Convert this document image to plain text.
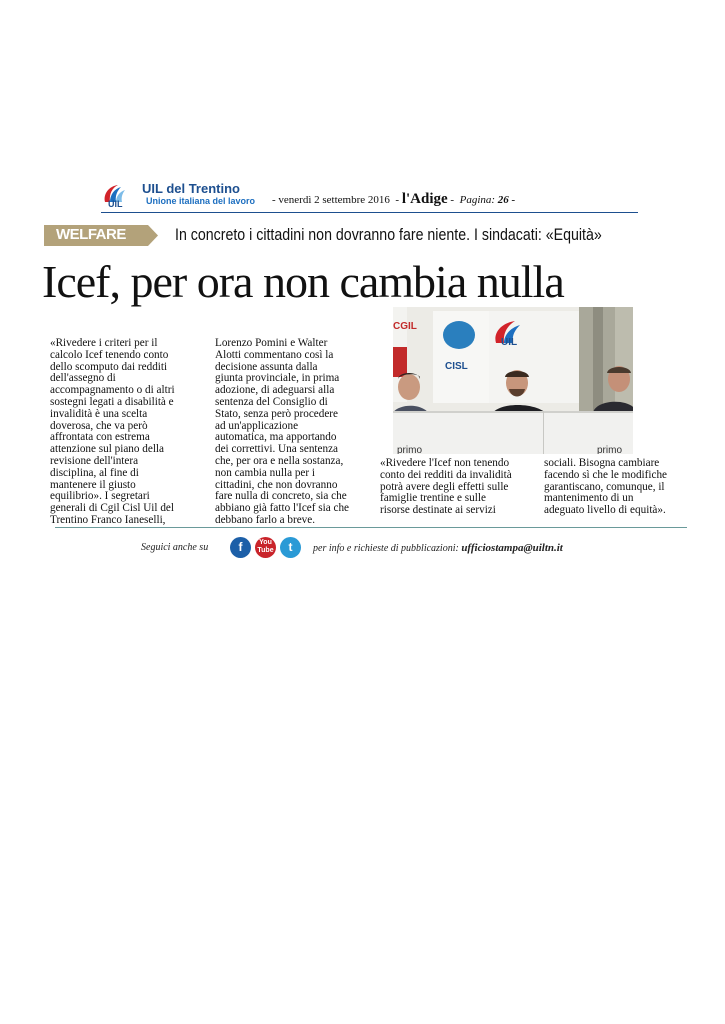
UIL
UIL del Trentino
Unione italiana del lavoro - venerdì 2 settembre 2016  - l'Adige -  Pagina: 26 -
WELFARE	In concreto i cittadini non dovranno fare niente. I sindacati: «Equità»
Icef, per ora non cambia nulla
«Rivedere i criteri per il
calcolo Icef tenendo conto
dello scomputo dai redditi
dell'assegno di
accompagnamento o di altri
sostegni legati a disabilità e
invalidità è una scelta
doverosa, che va però
affrontata con estrema
attenzione sul piano della
revisione dell'intera
disciplina, al fine di
mantenere il giusto
equilibrio». I segretari
generali di Cgil Cisl Uil del
Trentino Franco Ianeselli,
Lorenzo Pomini e Walter
Alotti commentano così la
decisione assunta dalla
giunta provinciale, in prima
adozione, di adeguarsi alla
sentenza del Consiglio di
Stato, senza però procedere
ad un'applicazione
automatica, ma apportando
dei correttivi. Una sentenza
che, per ora e nella sostanza,
non cambia nulla per i
cittadini, che non dovranno
fare nulla di concreto, sia che
abbiano già fatto l'Icef sia che
debbano farlo a breve.
«Rivedere l'Icef non tenendo
conto dei redditi da invalidità
potrà avere degli effetti sulle
famiglie trentine e sulle
risorse destinate ai servizi
sociali. Bisogna cambiare
facendo sì che le modifiche
garantiscano, comunque, il
mantenimento di un
adeguato livello di equità».
CGIL
CISL
UIL
primo	primo
Seguici anche su	f	You Tube	t	per info e richieste di pubblicazioni: ufficiostampa@uiltn.it
